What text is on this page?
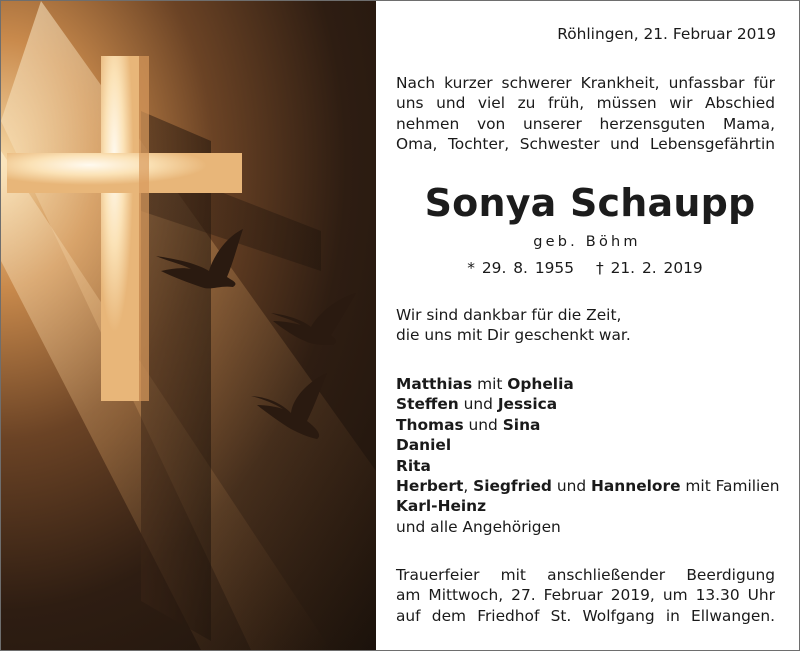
Röhlingen, 21. Februar 2019
Nach kurzer schwerer Krankheit, unfassbar für
uns und viel zu früh, müssen wir Abschied
nehmen von unserer herzensguten Mama,
Oma, Tochter, Schwester und Lebensgefährtin
Sonya Schaupp
geb. Böhm
* 29. 8. 1955 † 21. 2. 2019
Wir sind dankbar für die Zeit,
die uns mit Dir geschenkt war.
Matthias mit Ophelia
Steffen und Jessica
Thomas und Sina
Daniel
Rita
Herbert, Siegfried und Hannelore mit Familien
Karl-Heinz
und alle Angehörigen
Trauerfeier mit anschließender Beerdigung
am Mittwoch, 27. Februar 2019, um 13.30 Uhr
auf dem Friedhof St. Wolfgang in Ellwangen.
